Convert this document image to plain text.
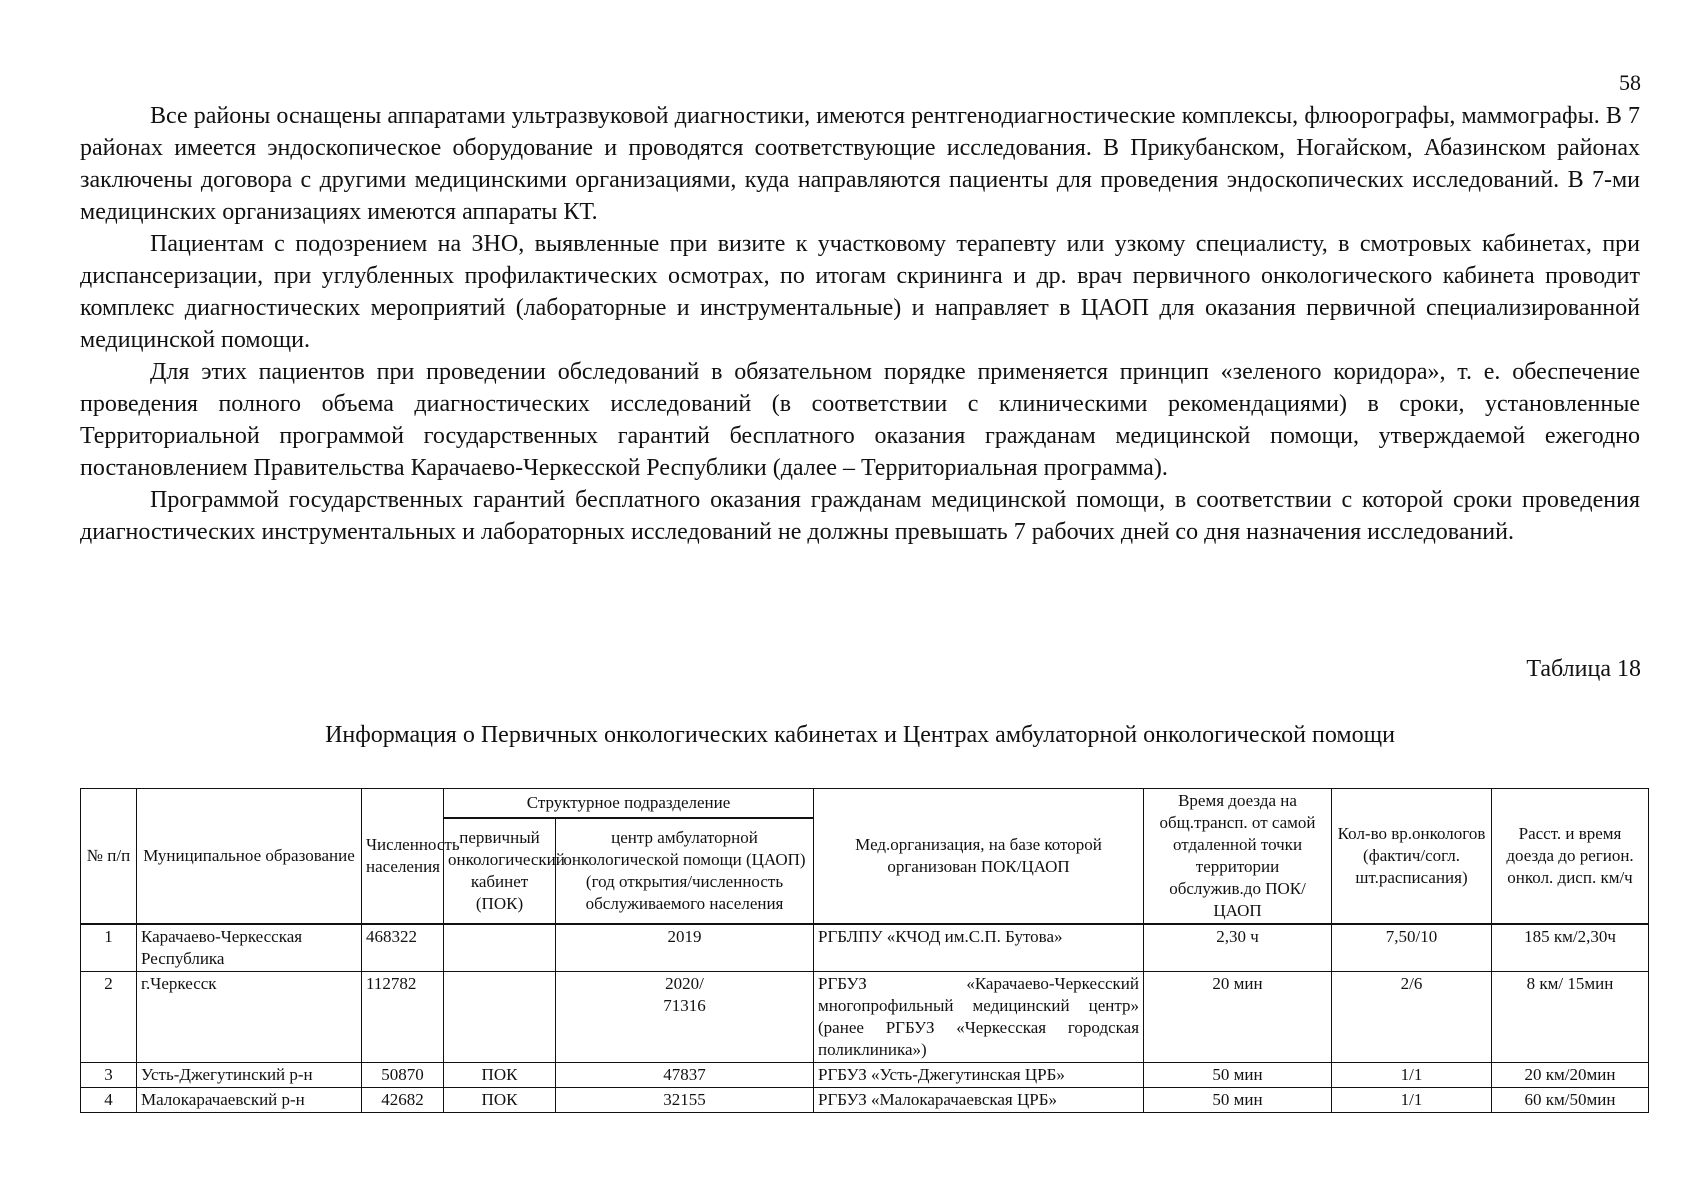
58

Все районы оснащены аппаратами ультразвуковой диагностики, имеются рентгенодиагностические комплексы, флюорографы, маммографы. В 7 районах имеется эндоскопическое оборудование и проводятся соответствующие исследования. В Прикубанском, Ногайском, Абазинском районах заключены договора с другими медицинскими организациями, куда направляются пациенты для проведения эндоскопических исследований. В 7-ми медицинских организациях имеются аппараты КТ.

Пациентам с подозрением на ЗНО, выявленные при визите к участковому терапевту или узкому специалисту, в смотровых кабинетах, при диспансеризации, при углубленных профилактических осмотрах, по итогам скрининга и др. врач первичного онкологического кабинета проводит комплекс диагностических мероприятий (лабораторные и инструментальные) и направляет в ЦАОП для оказания первичной специализированной медицинской помощи.

Для этих пациентов при проведении обследований в обязательном порядке применяется принцип «зеленого коридора», т. е. обеспечение проведения полного объема диагностических исследований (в соответствии с клиническими рекомендациями) в сроки, установленные Территориальной программой государственных гарантий бесплатного оказания гражданам медицинской помощи, утверждаемой ежегодно постановлением Правительства Карачаево-Черкесской Республики (далее – Территориальная программа).

Программой государственных гарантий бесплатного оказания гражданам медицинской помощи, в соответствии с которой сроки проведения диагностических инструментальных и лабораторных исследований не должны превышать 7 рабочих дней со дня назначения исследований.

Таблица 18
Информация о Первичных онкологических кабинетах и Центрах амбулаторной онкологической помощи
№ п/п	Муниципальное образование	Численность населения	Структурное подразделение		Мед.организация, на базе которой организован ПОК/ЦАОП	Время доезда на общ.трансп. от самой отдаленной точки территории обслужив.до ПОК/ЦАОП	Кол-во вр.онкологов (фактич/согл. шт.расписания)	Расст. и время доезда до регион. онкол. дисп. км/ч
			первичный онкологический кабинет (ПОК)	центр амбулаторной онкологической помощи (ЦАОП) (год открытия/численность обслуживаемого населения				
1	Карачаево-Черкесская Республика	468322		2019	РГБЛПУ «КЧОД им.С.П. Бутова»	2,30 ч	7,50/10	185 км/2,30ч
2	г.Черкесск	112782		2020/
71316	РГБУЗ «Карачаево-Черкесский многопрофильный медицинский центр» (ранее РГБУЗ «Черкесская городская поликлиника»)	20 мин	2/6	8 км/ 15мин
3	Усть-Джегутинский р-н	50870	ПОК	47837	РГБУЗ «Усть-Джегутинская ЦРБ»	50 мин	1/1	20 км/20мин
4	Малокарачаевский р-н	42682	ПОК	32155	РГБУЗ «Малокарачаевская ЦРБ»	50 мин	1/1	60 км/50мин
